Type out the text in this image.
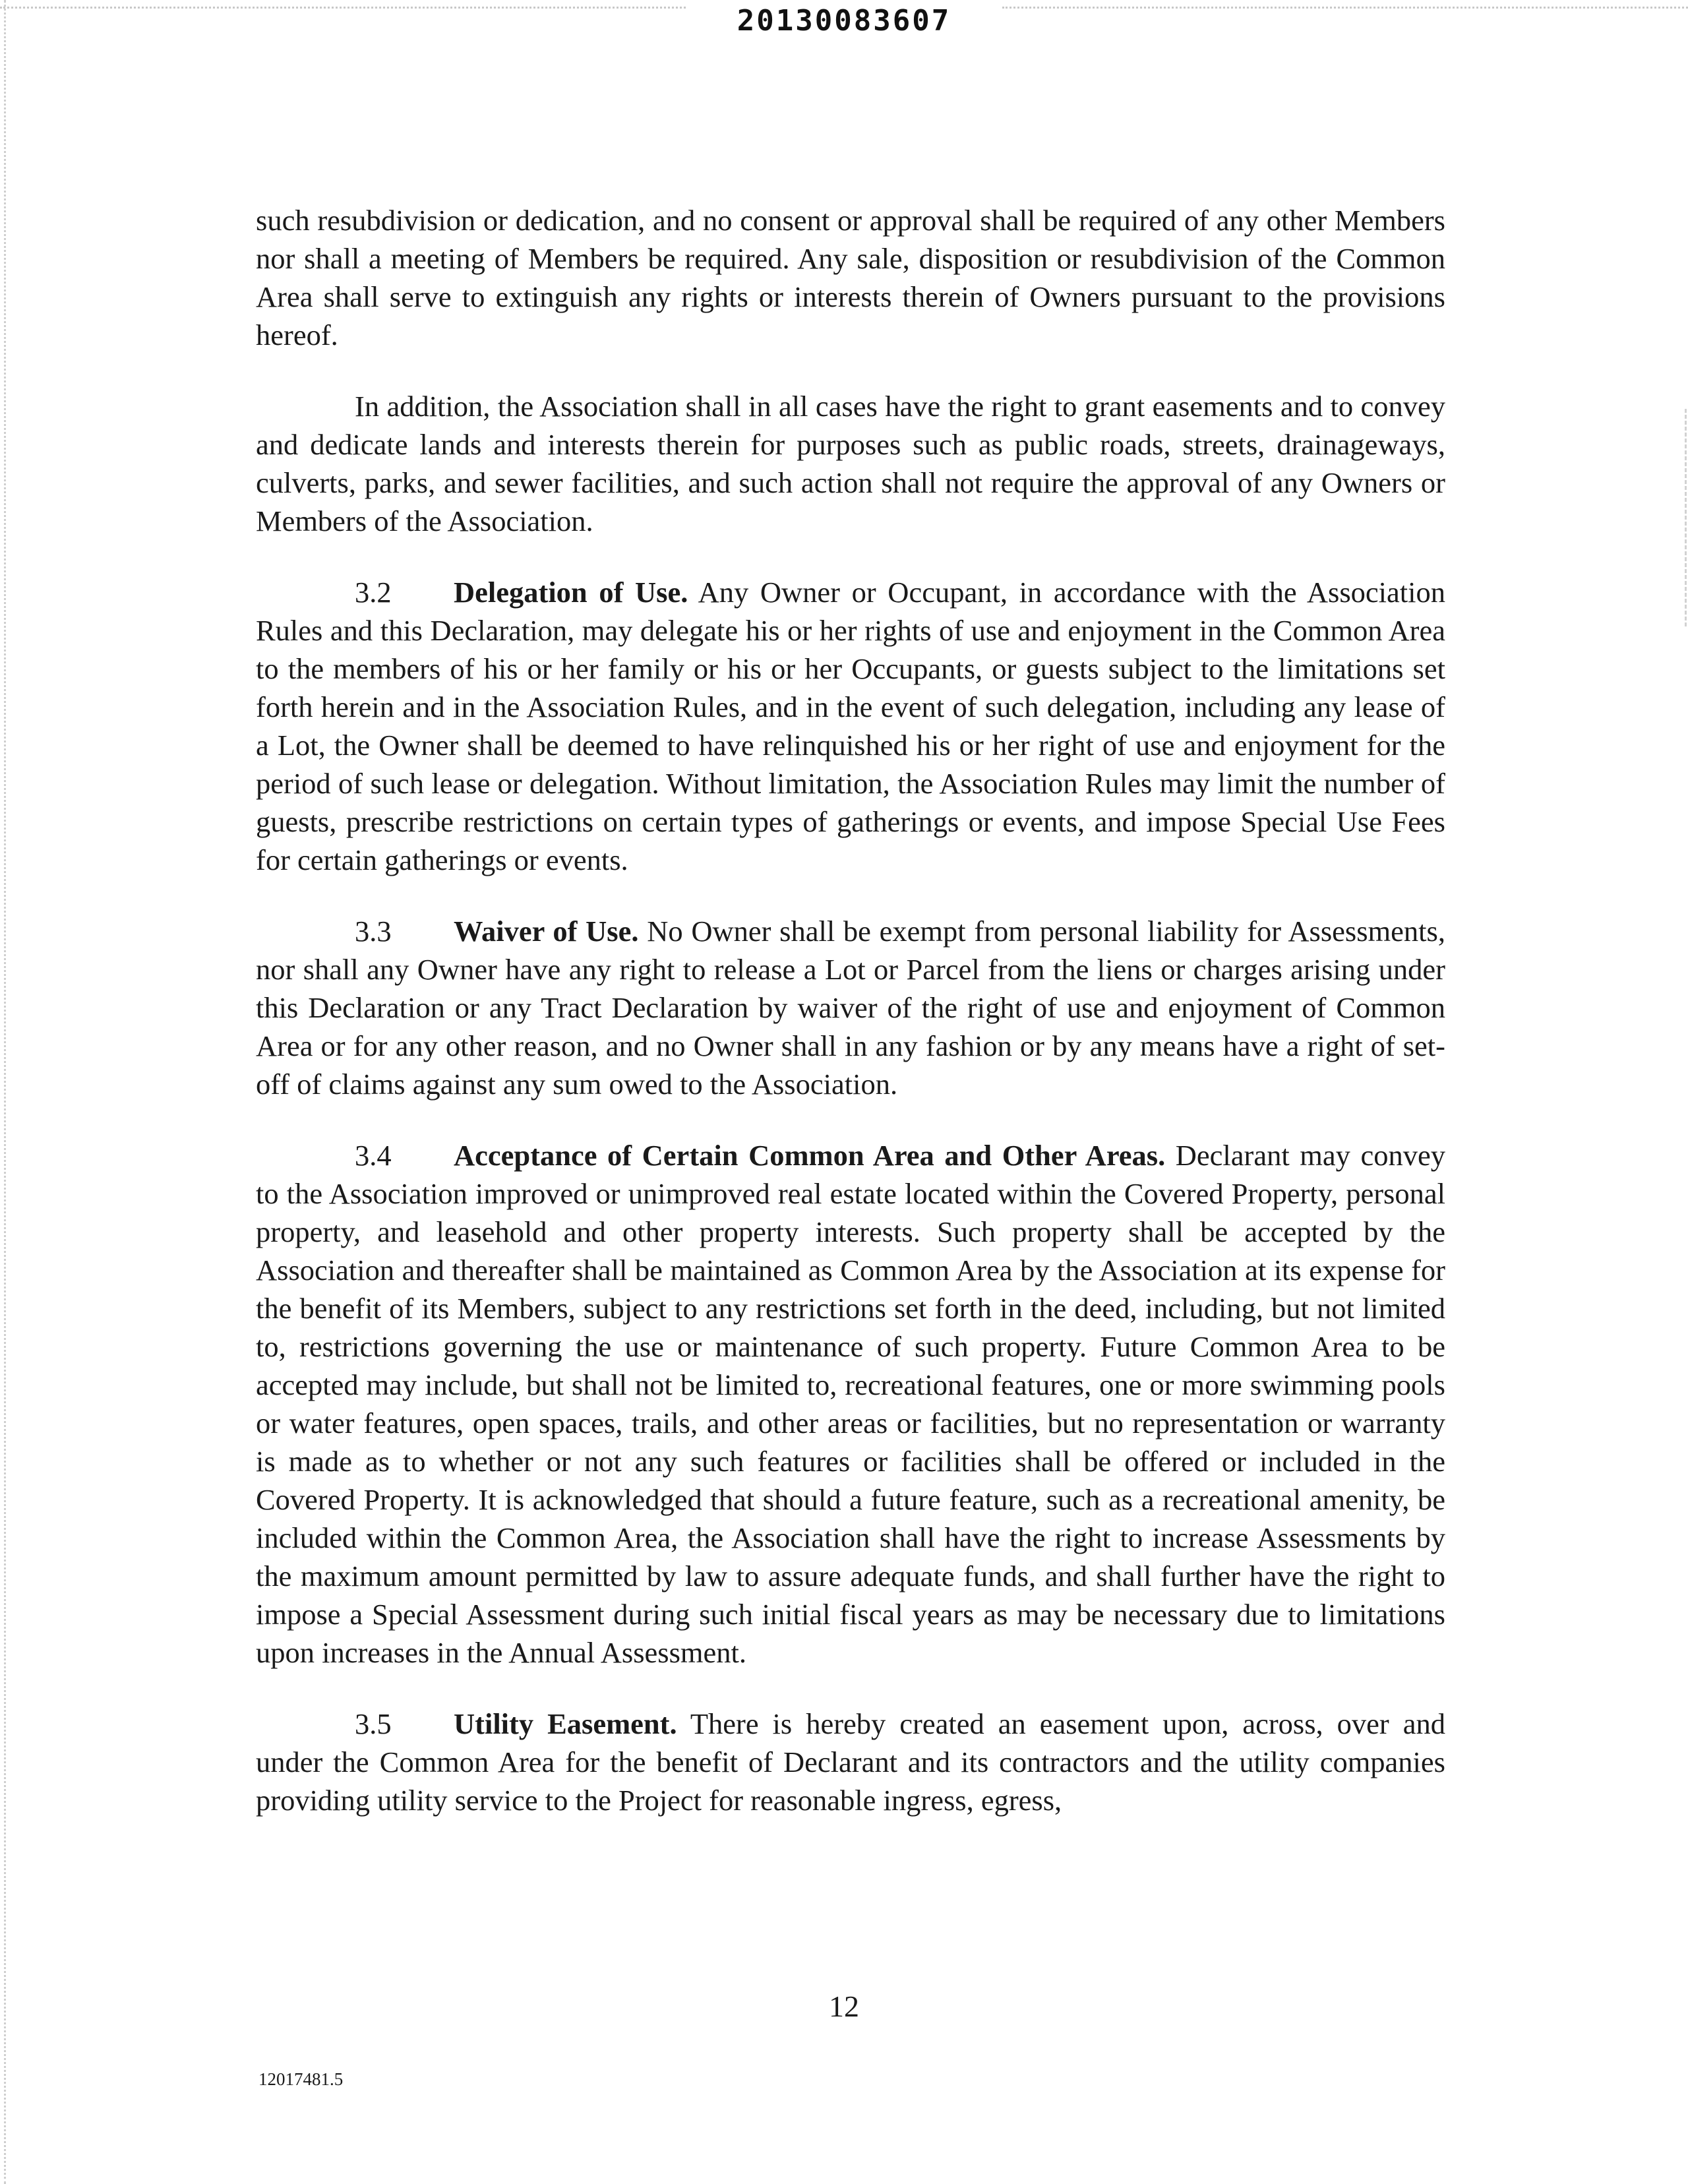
20130083607

such resubdivision or dedication, and no consent or approval shall be required of any other Members nor shall a meeting of Members be required. Any sale, disposition or resubdivision of the Common Area shall serve to extinguish any rights or interests therein of Owners pursuant to the provisions hereof.

In addition, the Association shall in all cases have the right to grant easements and to convey and dedicate lands and interests therein for purposes such as public roads, streets, drainageways, culverts, parks, and sewer facilities, and such action shall not require the approval of any Owners or Members of the Association.

3.2 Delegation of Use. Any Owner or Occupant, in accordance with the Association Rules and this Declaration, may delegate his or her rights of use and enjoyment in the Common Area to the members of his or her family or his or her Occupants, or guests subject to the limitations set forth herein and in the Association Rules, and in the event of such delegation, including any lease of a Lot, the Owner shall be deemed to have relinquished his or her right of use and enjoyment for the period of such lease or delegation. Without limitation, the Association Rules may limit the number of guests, prescribe restrictions on certain types of gatherings or events, and impose Special Use Fees for certain gatherings or events.

3.3 Waiver of Use. No Owner shall be exempt from personal liability for Assessments, nor shall any Owner have any right to release a Lot or Parcel from the liens or charges arising under this Declaration or any Tract Declaration by waiver of the right of use and enjoyment of Common Area or for any other reason, and no Owner shall in any fashion or by any means have a right of set-off of claims against any sum owed to the Association.

3.4 Acceptance of Certain Common Area and Other Areas. Declarant may convey to the Association improved or unimproved real estate located within the Covered Property, personal property, and leasehold and other property interests. Such property shall be accepted by the Association and thereafter shall be maintained as Common Area by the Association at its expense for the benefit of its Members, subject to any restrictions set forth in the deed, including, but not limited to, restrictions governing the use or maintenance of such property. Future Common Area to be accepted may include, but shall not be limited to, recreational features, one or more swimming pools or water features, open spaces, trails, and other areas or facilities, but no representation or warranty is made as to whether or not any such features or facilities shall be offered or included in the Covered Property. It is acknowledged that should a future feature, such as a recreational amenity, be included within the Common Area, the Association shall have the right to increase Assessments by the maximum amount permitted by law to assure adequate funds, and shall further have the right to impose a Special Assessment during such initial fiscal years as may be necessary due to limitations upon increases in the Annual Assessment.

3.5 Utility Easement. There is hereby created an easement upon, across, over and under the Common Area for the benefit of Declarant and its contractors and the utility companies providing utility service to the Project for reasonable ingress, egress,

12
12017481.5
